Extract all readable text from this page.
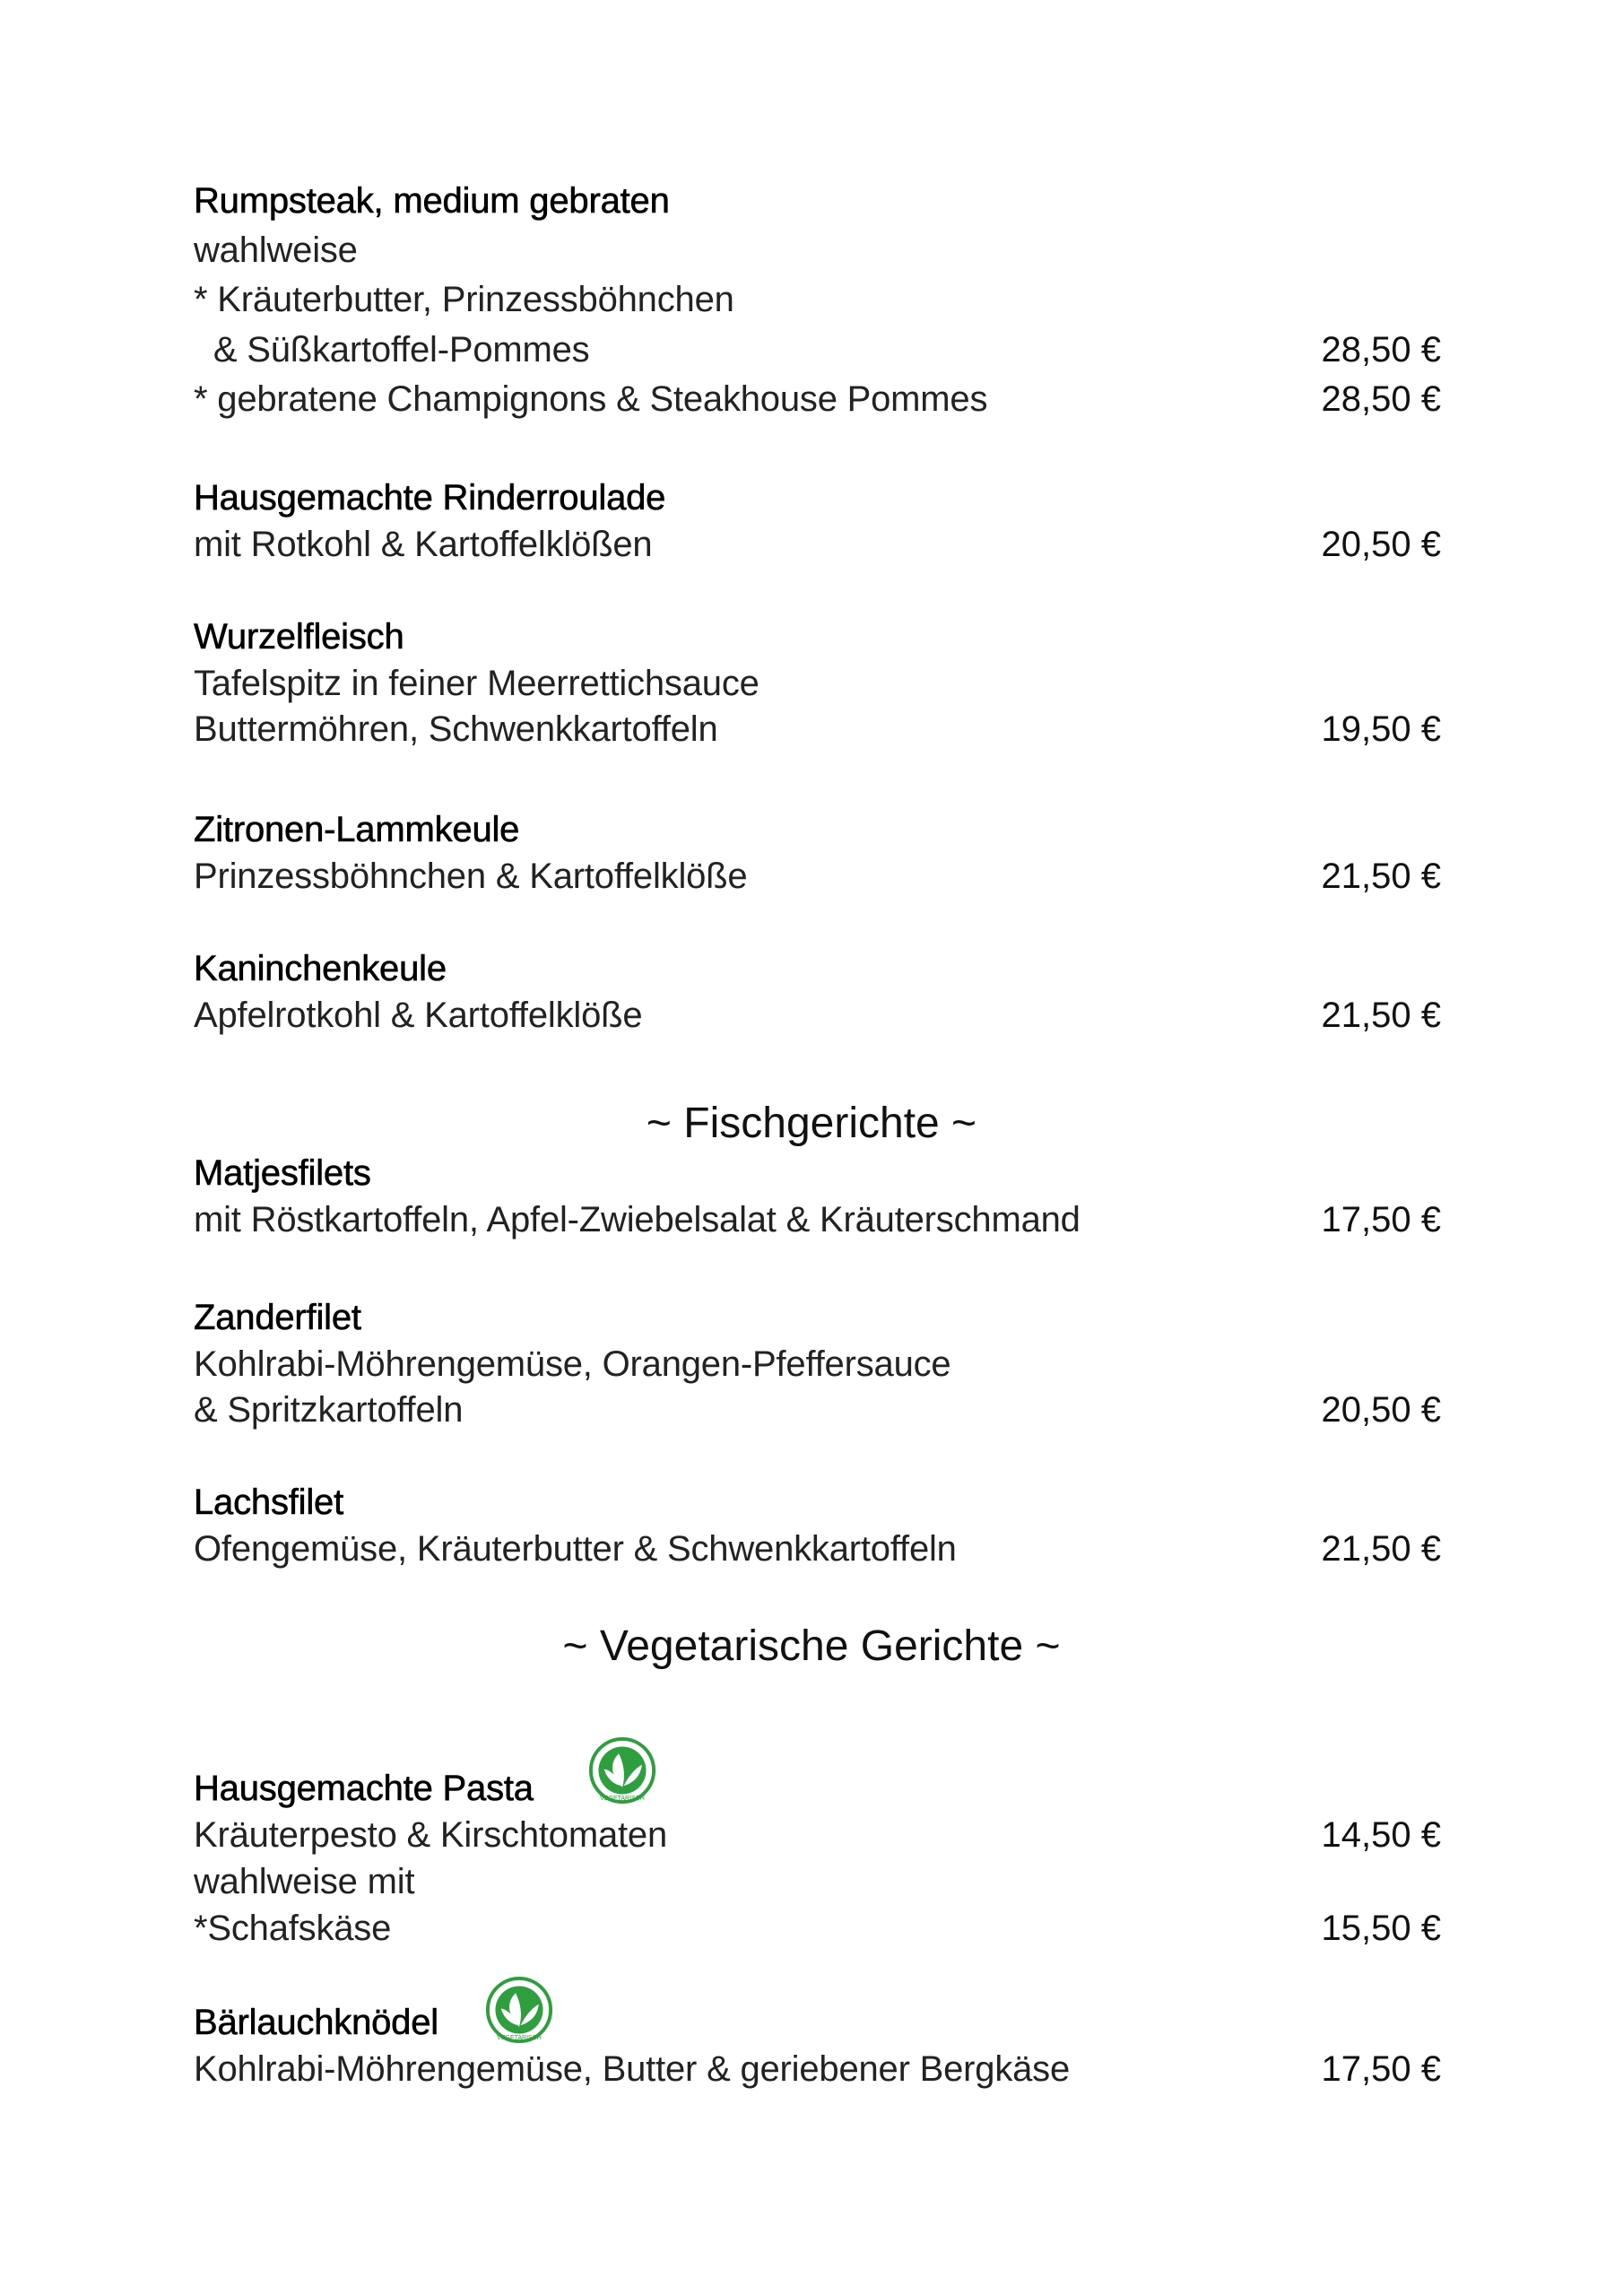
Rumpsteak, medium gebraten
wahlweise
* Kräuterbutter, Prinzessböhnchen
& Süßkartoffel-Pommes	28,50 €
* gebratene Champignons & Steakhouse Pommes	28,50 €
Hausgemachte Rinderroulade
mit Rotkohl & Kartoffelklößen	20,50 €
Wurzelfleisch
Tafelspitz in feiner Meerrettichsauce
Buttermöhren, Schwenkkartoffeln	19,50 €
Zitronen-Lammkeule
Prinzessböhnchen & Kartoffelklöße	21,50 €
Kaninchenkeule
Apfelrotkohl & Kartoffelklöße	21,50 €
~ Fischgerichte ~
Matjesfilets
mit Röstkartoffeln, Apfel-Zwiebelsalat & Kräuterschmand	17,50 €
Zanderfilet
Kohlrabi-Möhrengemüse, Orangen-Pfeffersauce
& Spritzkartoffeln	20,50 €
Lachsfilet
Ofengemüse, Kräuterbutter & Schwenkkartoffeln	21,50 €
~ Vegetarische Gerichte ~
Hausgemachte Pasta	VEGETARISCH
Kräuterpesto & Kirschtomaten	14,50 €
wahlweise mit
*Schafskäse	15,50 €
Bärlauchknödel	VEGETARISCH
Kohlrabi-Möhrengemüse, Butter & geriebener Bergkäse	17,50 €
